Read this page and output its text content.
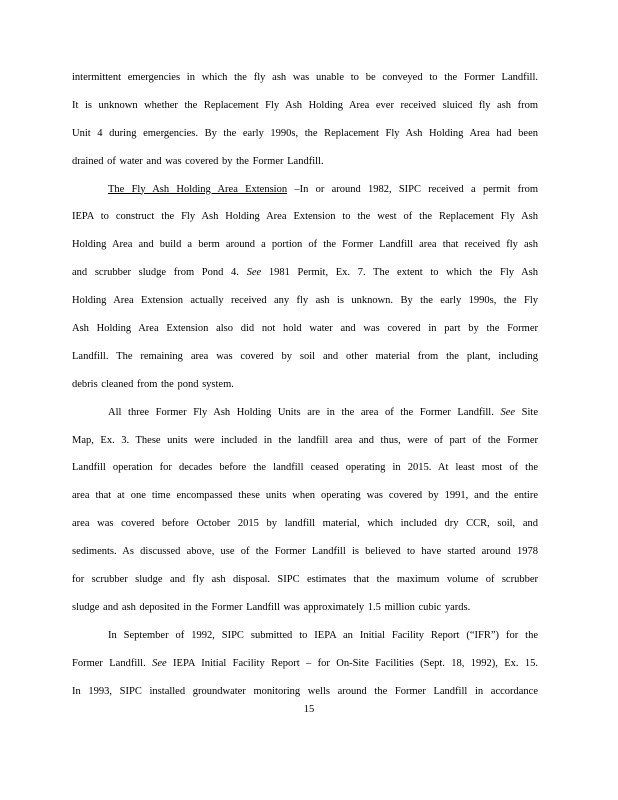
intermittent emergencies in which the fly ash was unable to be conveyed to the Former Landfill.
It is unknown whether the Replacement Fly Ash Holding Area ever received sluiced fly ash from
Unit 4 during emergencies. By the early 1990s, the Replacement Fly Ash Holding Area had been
drained of water and was covered by the Former Landfill.
The Fly Ash Holding Area Extension –In or around 1982, SIPC received a permit from
IEPA to construct the Fly Ash Holding Area Extension to the west of the Replacement Fly Ash
Holding Area and build a berm around a portion of the Former Landfill area that received fly ash
and scrubber sludge from Pond 4. See 1981 Permit, Ex. 7. The extent to which the Fly Ash
Holding Area Extension actually received any fly ash is unknown. By the early 1990s, the Fly
Ash Holding Area Extension also did not hold water and was covered in part by the Former
Landfill. The remaining area was covered by soil and other material from the plant, including
debris cleaned from the pond system.
All three Former Fly Ash Holding Units are in the area of the Former Landfill. See Site
Map, Ex. 3. These units were included in the landfill area and thus, were of part of the Former
Landfill operation for decades before the landfill ceased operating in 2015. At least most of the
area that at one time encompassed these units when operating was covered by 1991, and the entire
area was covered before October 2015 by landfill material, which included dry CCR, soil, and
sediments. As discussed above, use of the Former Landfill is believed to have started around 1978
for scrubber sludge and fly ash disposal. SIPC estimates that the maximum volume of scrubber
sludge and ash deposited in the Former Landfill was approximately 1.5 million cubic yards.
In September of 1992, SIPC submitted to IEPA an Initial Facility Report (“IFR”) for the
Former Landfill. See IEPA Initial Facility Report – for On-Site Facilities (Sept. 18, 1992), Ex. 15.
In 1993, SIPC installed groundwater monitoring wells around the Former Landfill in accordance
15
